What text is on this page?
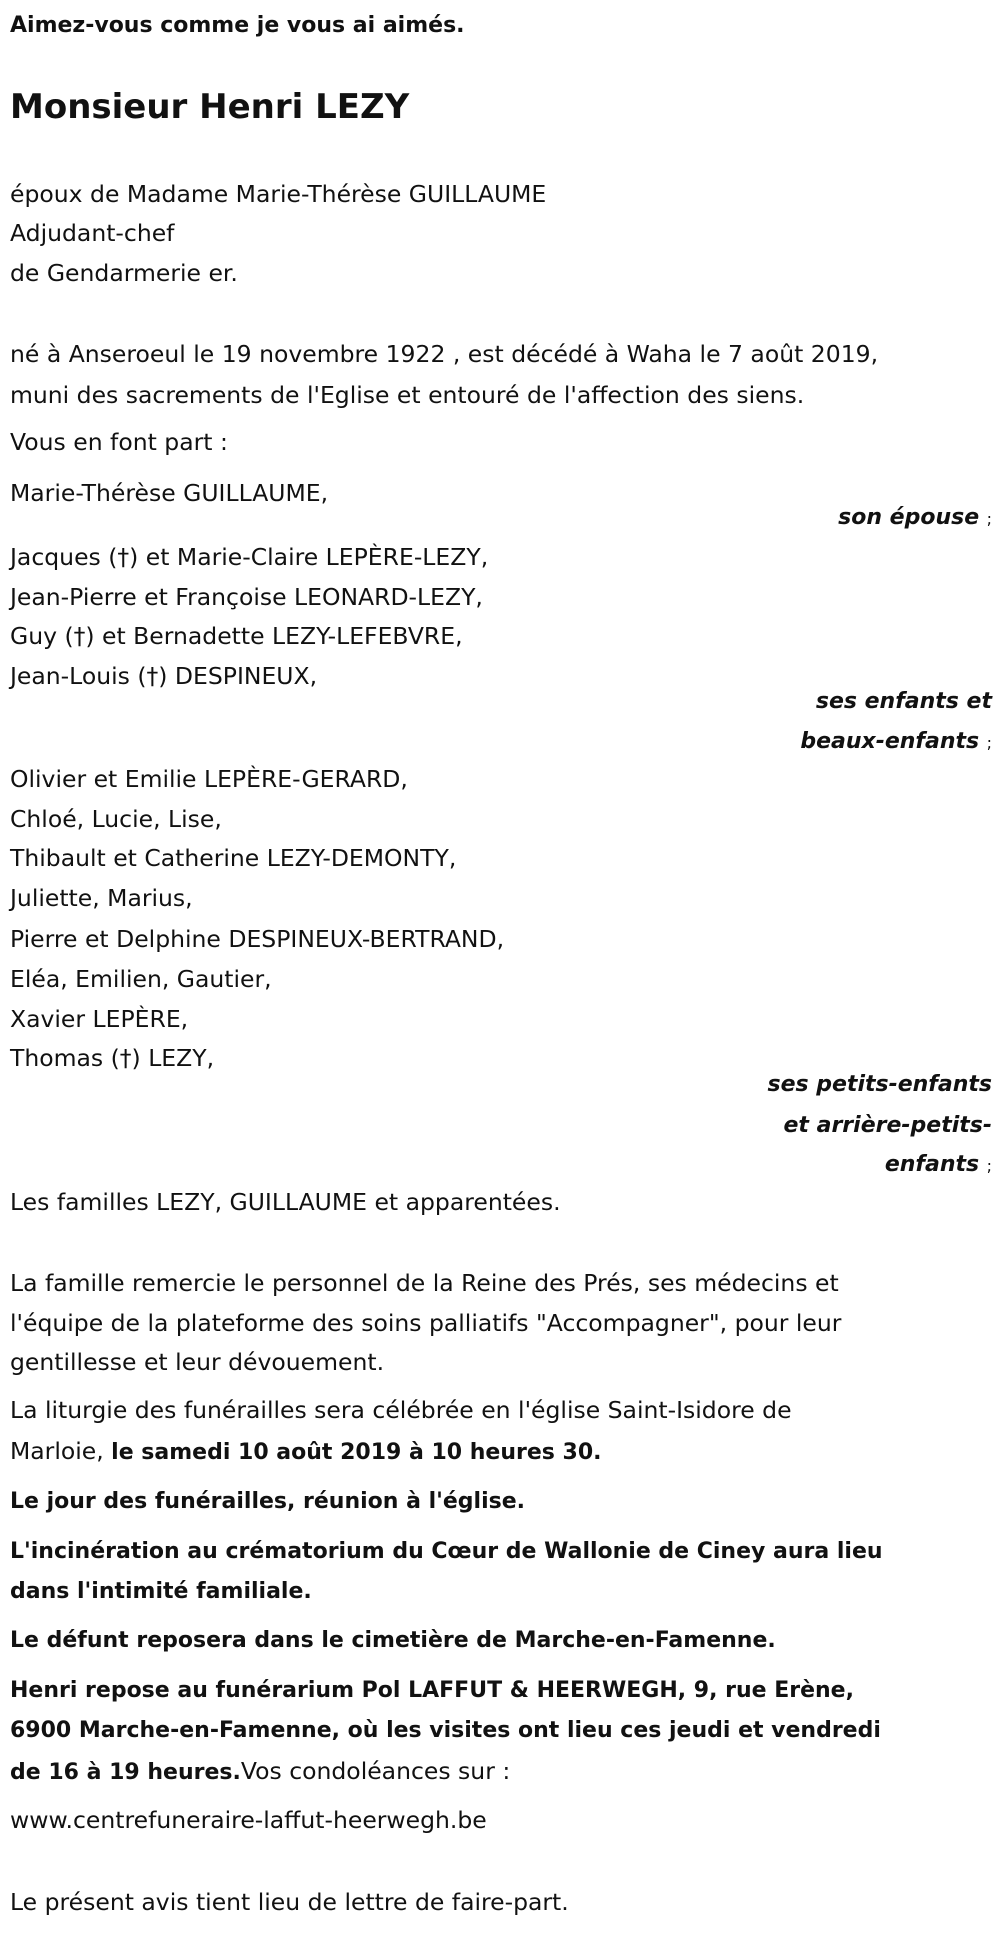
Aimez-vous comme je vous ai aimés.
Monsieur Henri LEZY
époux de Madame Marie-Thérèse GUILLAUME
Adjudant-chef
de Gendarmerie er.
né à Anseroeul le 19 novembre 1922 , est décédé à Waha le 7 août 2019,
muni des sacrements de l'Eglise et entouré de l'affection des siens.
Vous en font part :
Marie-Thérèse GUILLAUME,
son épouse ;
Jacques (†) et Marie-Claire LEPÈRE-LEZY,
Jean-Pierre et Françoise LEONARD-LEZY,
Guy (†) et Bernadette LEZY-LEFEBVRE,
Jean-Louis (†) DESPINEUX,
ses enfants et
beaux-enfants ;
Olivier et Emilie LEPÈRE-GERARD,
Chloé, Lucie, Lise,
Thibault et Catherine LEZY-DEMONTY,
Juliette, Marius,
Pierre et Delphine DESPINEUX-BERTRAND,
Eléa, Emilien, Gautier,
Xavier LEPÈRE,
Thomas (†) LEZY,
ses petits-enfants
et arrière-petits-
enfants ;
Les familles LEZY, GUILLAUME et apparentées.
La famille remercie le personnel de la Reine des Prés, ses médecins et
l'équipe de la plateforme des soins palliatifs "Accompagner", pour leur
gentillesse et leur dévouement.
La liturgie des funérailles sera célébrée en l'église Saint-Isidore de
Marloie, le samedi 10 août 2019 à 10 heures 30.
Le jour des funérailles, réunion à l'église.
L'incinération au crématorium du Cœur de Wallonie de Ciney aura lieu
dans l'intimité familiale.
Le défunt reposera dans le cimetière de Marche-en-Famenne.
Henri repose au funérarium Pol LAFFUT & HEERWEGH, 9, rue Erène,
6900 Marche-en-Famenne, où les visites ont lieu ces jeudi et vendredi
de 16 à 19 heures.Vos condoléances sur :
www.centrefuneraire-laffut-heerwegh.be
Le présent avis tient lieu de lettre de faire-part.
